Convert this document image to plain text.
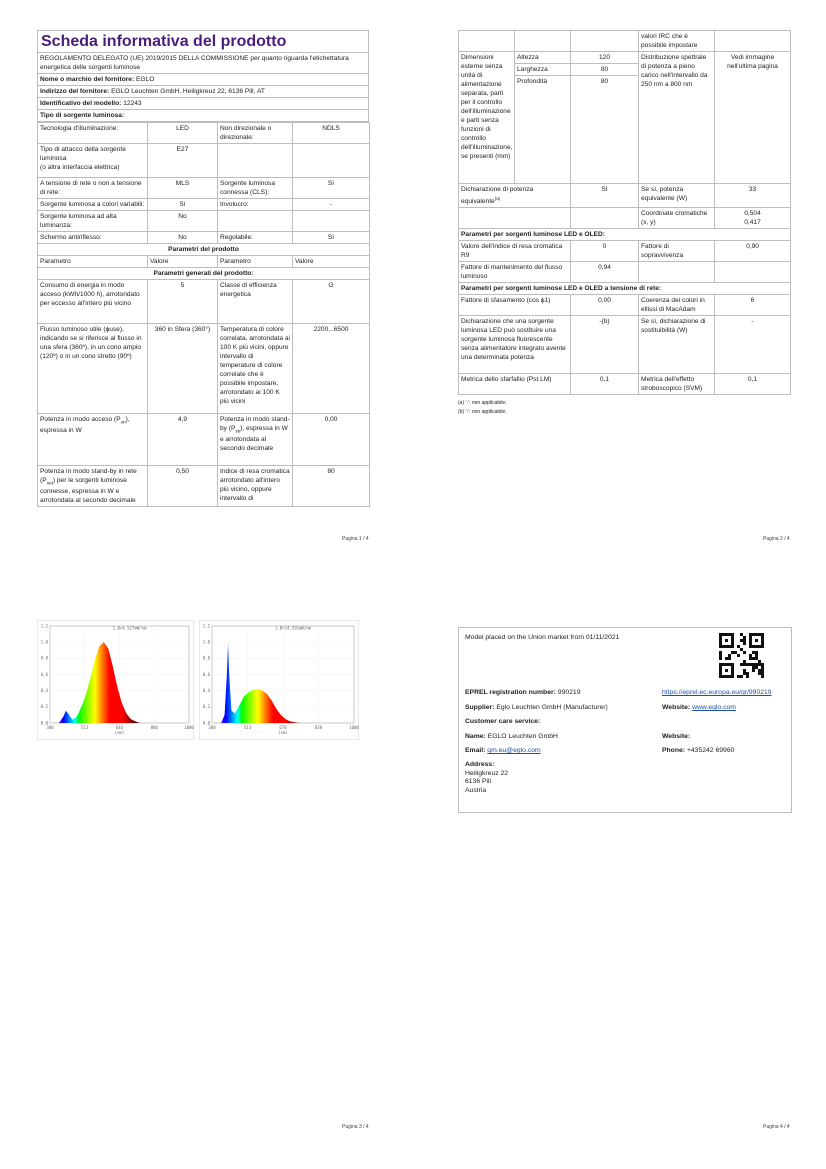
Scheda informativa del prodotto
REGOLAMENTO DELEGATO (UE) 2019/2015 DELLA COMMISSIONE per quanto riguarda l'etichettatura energetica delle sorgenti luminose
Nome o marchio del fornitore: EGLO
Indirizzo del fornitore: EGLO Leuchten GmbH, Heiligkreuz 22, 6136 Pill, AT
Identificativo del modello: 12243
Tipo di sorgente luminosa:
Tecnologia d'illuminazione:	LED	Non direzionale o direzionale:	NDLS
Tipo di attacco della sorgente luminosa
(o altra interfaccia elettrica)	E27		
A tensione di rete o non a tensione di rete:	MLS	Sorgente luminosa connessa (CLS):	Sì
Sorgente luminosa a colori variabili:	Sì	Involucro:	-
Sorgente luminosa ad alta luminanza:	No		
Schermo antiriflesso:	No	Regolabile:	Sì
Parametri del prodotto			
Parametro	Valore	Parametro	Valore
Parametri generali del prodotto:			
Consumo di energia in modo acceso (kWh/1000 h), arrotondato per eccesso all'intero più vicino	5	Classe di efficienza energetica	G
Flusso luminoso utile (ɸuse), indicando se si riferisce al flusso in una sfera (360º), in un cono ampio (120º) o in un cono stretto (90º)	360 in Sfera (360°)	Temperatura di colore correlata, arrotondata ai 100 K più vicini, oppure intervallo di temperature di colore correlate che è possibile impostare, arrotondato ai 100 K più vicini	2200...6500
Potenza in modo acceso $(P_{on})$, espressa in W	4,9	Potenza in modo stand-by $(P_{sb})$, espressa in W e arrotondata al secondo decimale	0,00
Potenza in modo stand-by in rete $(P_{net})$ per le sorgenti luminose connesse, espressa in W e arrotondata al secondo decimale	0,50	Indice di resa cromatica arrotondato all'intero più vicino, oppure intervallo di	80
Pagina 1 / 4
			valori IRC che è possibile impostare	
Dimensioni esterne senza unità di alimentazione separata, parti per il controllo dell'illuminazione e parti senza funzioni di controllo dell'illuminazione, se presenti (mm)	Altezza	120	Distribuzione spettrale di potenza a pieno carico nell'intervallo da 250 nm a 800 nm	Vedi immagine nell'ultima pagina
	Larghezza	80		
	Profondità	80		
Dichiarazione di potenza equivalente$^{(a)}$		Sì	Se sì, potenza equivalente (W)	33
			Coordinate cromatiche (x, y)	0,504
0,417
Parametri per sorgenti luminose LED e OLED:				
Valore dell'indice di resa cromatica R9		0	Fattore di sopravvivenza	0,90
Fattore di mantenimento del flusso luminoso		0,94		
Parametri per sorgenti luminose LED e OLED a tensione di rete:				
Fattore di sfasamento (cos ɸ1)		0,00	Coerenza dei colori in ellissi di MacAdam	6
Dichiarazione che una sorgente luminosa LED può sostituire una sorgente luminosa fluorescente senza alimentatore integrato avente una determinata potenza		-(b)	Se sì, dichiarazione di sostituibilità (W)	-
Metrica dello sfarfallio (Pst LM)		0,1	Metrica dell'effetto stroboscopico (SVM)	0,1
(a) '-': non applicabile;
(b) '-': non applicabile;
Pagina 2 / 4
0.0
0.2
0.4
0.6
0.8
1.0
1.2
380	513	646	880	1000
1.0=4.527mW/nm
(nm)
0.0
0.2
0.4
0.6
0.8
1.0
1.2
380	513	670	830	1000
1.0=14.591mW/nm
(nm)
Pagina 3 / 4
Model placed on the Union market from 01/11/2021
EPREL registration number: 990219	https://eprel.ec.europa.eu/qr/990219
Supplier: Eglo Leuchten GmbH (Manufacturer)	Website: www.eglo.com
Customer care service:
Name: EGLO Leuchten GmbH	Website:
Email: qm.eu@eglo.com	Phone: +435242 69960
Address:
Heiligkreuz 22
6136 Pill
Austria
Pagina 4 / 4
